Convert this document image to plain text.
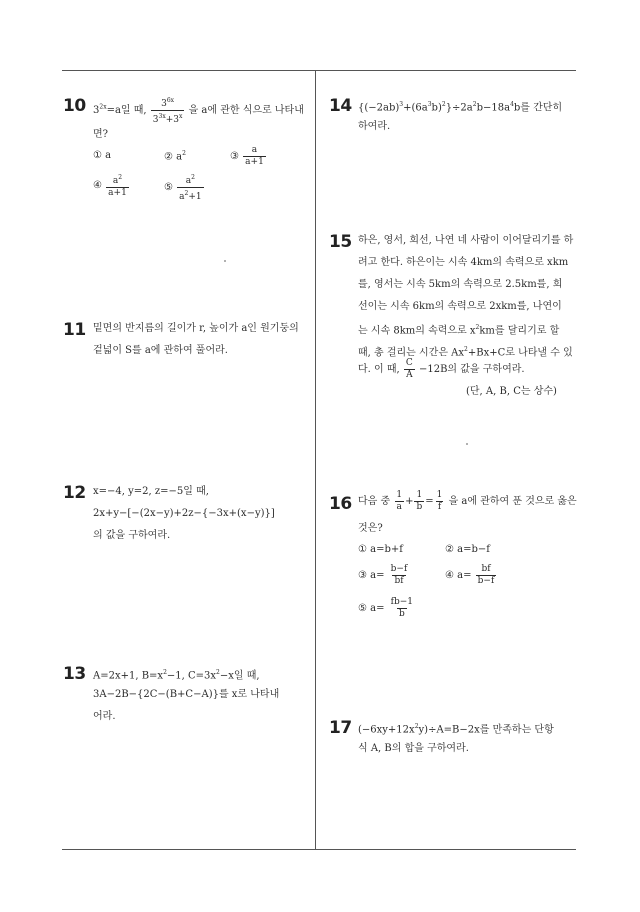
10 $3^{2x}=a$일 때, $\frac{3^{6x}}{3^{3x}+3^x}$ 을 a에 관한 식으로 나타내
면?
① a	② $a^2$	③ $\frac{a}{a+1}$
④ $\frac{a^2}{a+1}$	⑤ $\frac{a^2}{a^2+1}$
11 밑면의 반지름의 길이가 r, 높이가 a인 원기둥의
겉넓이 S를 a에 관하여 풀어라.
12 x=−4, y=2, z=−5일 때,
2x+y−[−(2x−y)+2z−{−3x+(x−y)}]
의 값을 구하여라.
13 A=2x+1, $B=x^2-1$, $C=3x^2-x$일 때,
3A−2B−{2C−(B+C−A)}를 x로 나타내
어라.
14 $\{(-2ab)^3+(6a^3b)^2\}\div 2a^2b-18a^4b$를 간단히
하여라.
15 하은, 영서, 희선, 나연 네 사람이 이어달리기를 하
려고 한다. 하은이는 시속 4km의 속력으로 xkm
를, 영서는 시속 5km의 속력으로 2.5km를, 희
선이는 시속 6km의 속력으로 2xkm를, 나연이
는 시속 8km의 속력으로 $x^2km$를 달리기로 할
때, 총 걸리는 시간은 $Ax^2+Bx+C$로 나타낼 수 있
다. 이 때, $\frac{C}{A} -12B$의 값을 구하여라.
(단, A, B, C는 상수)
16 다음 중 $\frac{1}{a} + \frac{1}{b} = \frac{1}{f}$ 을 a에 관하여 푼 것으로 옳은
것은?
① a=b+f	② a=b−f
③ $a= \frac{b-f}{bf}$	④ $a= \frac{bf}{b-f}$
⑤ $a= \frac{fb-1}{b}$
17 $(-6xy+12x^2y)\div A=B-2x$를 만족하는 단항
식 A, B의 합을 구하여라.
